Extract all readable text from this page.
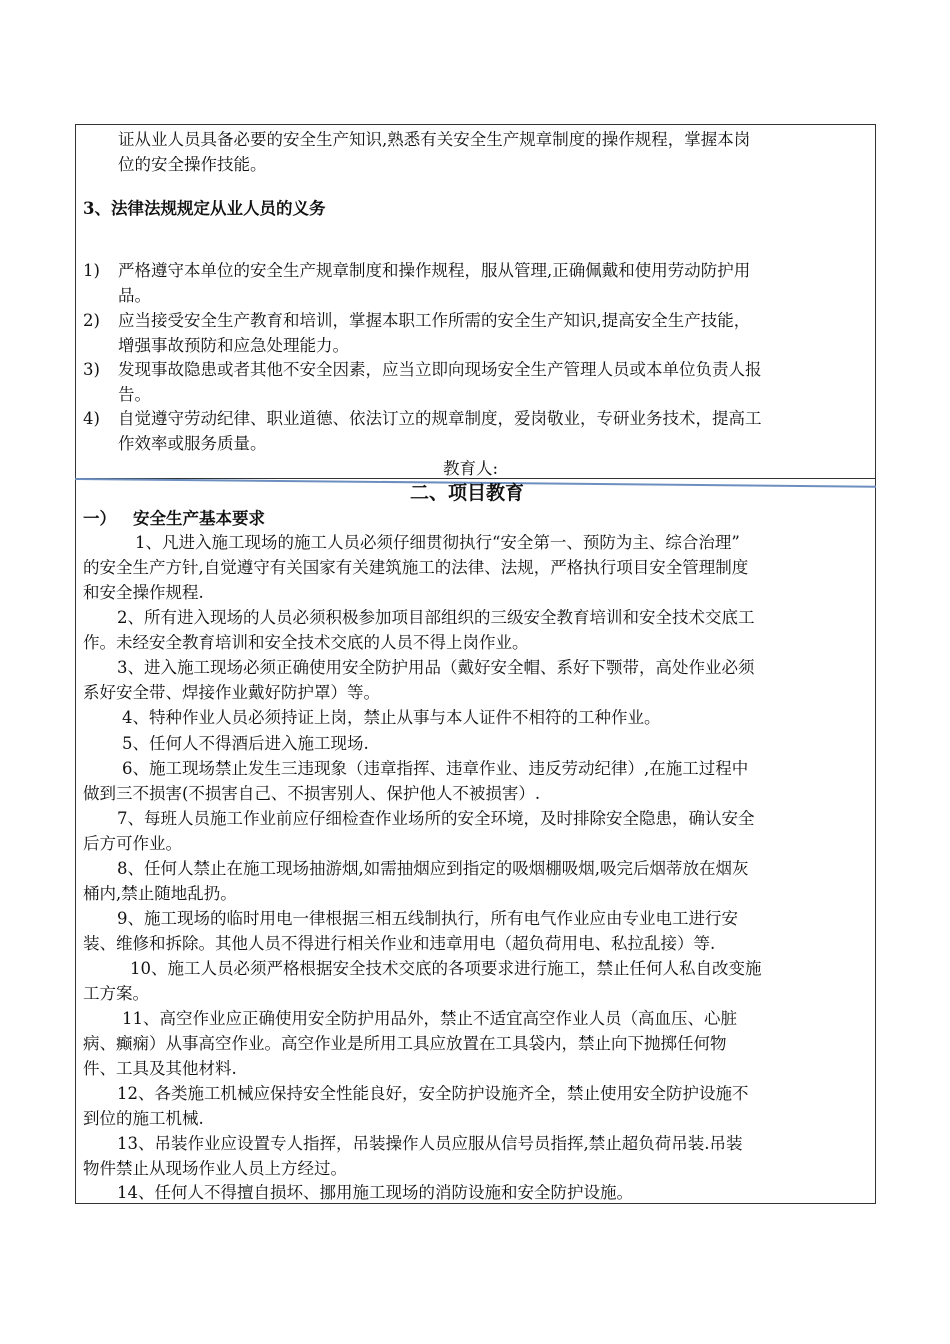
证从业人员具备必要的安全生产知识,熟悉有关安全生产规章制度的操作规程，掌握本岗
位的安全操作技能。
3、法律法规规定从业人员的义务
1) 严格遵守本单位的安全生产规章制度和操作规程，服从管理,正确佩戴和使用劳动防护用
品。
2) 应当接受安全生产教育和培训，掌握本职工作所需的安全生产知识,提高安全生产技能，
增强事故预防和应急处理能力。
3) 发现事故隐患或者其他不安全因素，应当立即向现场安全生产管理人员或本单位负责人报
告。
4) 自觉遵守劳动纪律、职业道德、依法订立的规章制度，爱岗敬业，专研业务技术，提高工
作效率或服务质量。
教育人:
二、项目教育
一） 安全生产基本要求
1、凡进入施工现场的施工人员必须仔细贯彻执行“安全第一、预防为主、综合治理”
的安全生产方针,自觉遵守有关国家有关建筑施工的法律、法规，严格执行项目安全管理制度
和安全操作规程.
2、所有进入现场的人员必须积极参加项目部组织的三级安全教育培训和安全技术交底工
作。未经安全教育培训和安全技术交底的人员不得上岗作业。
3、进入施工现场必须正确使用安全防护用品（戴好安全帽、系好下颚带，高处作业必须
系好安全带、焊接作业戴好防护罩）等。
4、特种作业人员必须持证上岗，禁止从事与本人证件不相符的工种作业。
5、任何人不得酒后进入施工现场.
6、施工现场禁止发生三违现象（违章指挥、违章作业、违反劳动纪律）,在施工过程中
做到三不损害(不损害自己、不损害别人、保护他人不被损害）.
7、每班人员施工作业前应仔细检查作业场所的安全环境，及时排除安全隐患，确认安全
后方可作业。
8、任何人禁止在施工现场抽游烟,如需抽烟应到指定的吸烟棚吸烟,吸完后烟蒂放在烟灰
桶内,禁止随地乱扔。
9、施工现场的临时用电一律根据三相五线制执行，所有电气作业应由专业电工进行安
装、维修和拆除。其他人员不得进行相关作业和违章用电（超负荷用电、私拉乱接）等.
10、施工人员必须严格根据安全技术交底的各项要求进行施工，禁止任何人私自改变施
工方案。
11、高空作业应正确使用安全防护用品外，禁止不适宜高空作业人员（高血压、心脏
病、癫痫）从事高空作业。高空作业是所用工具应放置在工具袋内，禁止向下抛掷任何物
件、工具及其他材料.
12、各类施工机械应保持安全性能良好，安全防护设施齐全，禁止使用安全防护设施不
到位的施工机械.
13、吊装作业应设置专人指挥，吊装操作人员应服从信号员指挥,禁止超负荷吊装.吊装
物件禁止从现场作业人员上方经过。
14、任何人不得擅自损坏、挪用施工现场的消防设施和安全防护设施。
